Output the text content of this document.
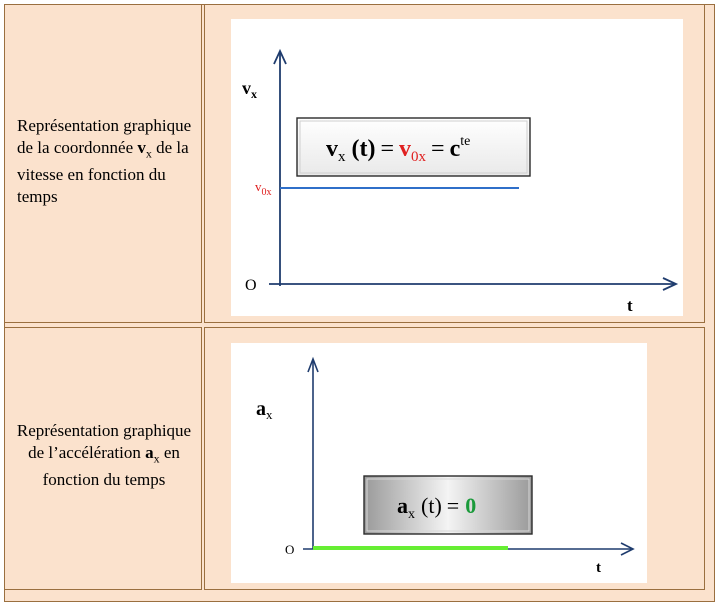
Représentation graphique de la coordonnée $v_x$ de la vitesse en fonction du temps
$v_x$ $(t) = v_{0x} = c^{te}$
$v_x$
$v_{0x}$
O
t
Représentation graphique de l’accélération $a_x$ en fonction du temps
$a_x$ (t) = 0
$a_x$
O
t
